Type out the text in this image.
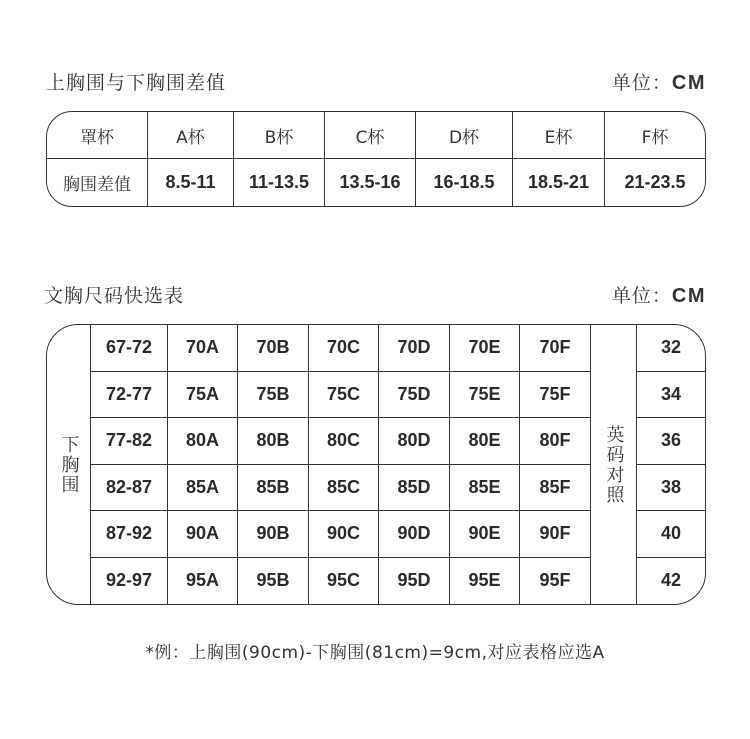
上胸围与下胸围差值	单位：CM
罩杯	A杯	B杯	C杯	D杯	E杯	F杯
胸围差值	8.5-11	11-13.5	13.5-16	16-18.5	18.5-21	21-23.5
文胸尺码快选表	单位：CM
下胸围	英码对照
67-72	70A	70B	70C	70D	70E	70F	32
72-77	75A	75B	75C	75D	75E	75F	34
77-82	80A	80B	80C	80D	80E	80F	36
82-87	85A	85B	85C	85D	85E	85F	38
87-92	90A	90B	90C	90D	90E	90F	40
92-97	95A	95B	95C	95D	95E	95F	42
*例：上胸围(90cm)-下胸围(81cm)=9cm,对应表格应选A
